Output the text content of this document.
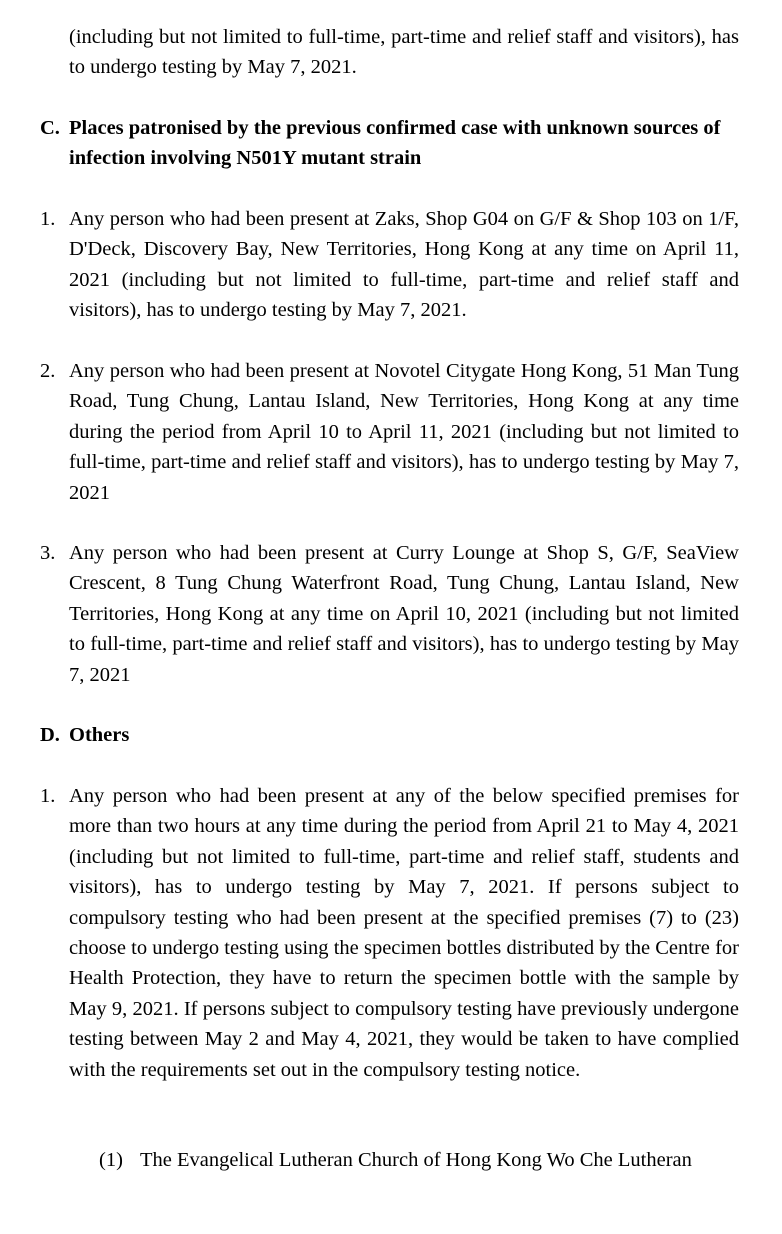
(including but not limited to full-time, part-time and relief staff and visitors), has to undergo testing by May 7, 2021.
C. Places patronised by the previous confirmed case with unknown sources of infection involving N501Y mutant strain
1. Any person who had been present at Zaks, Shop G04 on G/F & Shop 103 on 1/F, D'Deck, Discovery Bay, New Territories, Hong Kong at any time on April 11, 2021 (including but not limited to full-time, part-time and relief staff and visitors), has to undergo testing by May 7, 2021.
2. Any person who had been present at Novotel Citygate Hong Kong, 51 Man Tung Road, Tung Chung, Lantau Island, New Territories, Hong Kong at any time during the period from April 10 to April 11, 2021 (including but not limited to full-time, part-time and relief staff and visitors), has to undergo testing by May 7, 2021
3. Any person who had been present at Curry Lounge at Shop S, G/F, SeaView Crescent, 8 Tung Chung Waterfront Road, Tung Chung, Lantau Island, New Territories, Hong Kong at any time on April 10, 2021 (including but not limited to full-time, part-time and relief staff and visitors), has to undergo testing by May 7, 2021
D. Others
1. Any person who had been present at any of the below specified premises for more than two hours at any time during the period from April 21 to May 4, 2021 (including but not limited to full-time, part-time and relief staff, students and visitors), has to undergo testing by May 7, 2021. If persons subject to compulsory testing who had been present at the specified premises (7) to (23) choose to undergo testing using the specimen bottles distributed by the Centre for Health Protection, they have to return the specimen bottle with the sample by May 9, 2021. If persons subject to compulsory testing have previously undergone testing between May 2 and May 4, 2021, they would be taken to have complied with the requirements set out in the compulsory testing notice.
(1) The Evangelical Lutheran Church of Hong Kong Wo Che Lutheran
